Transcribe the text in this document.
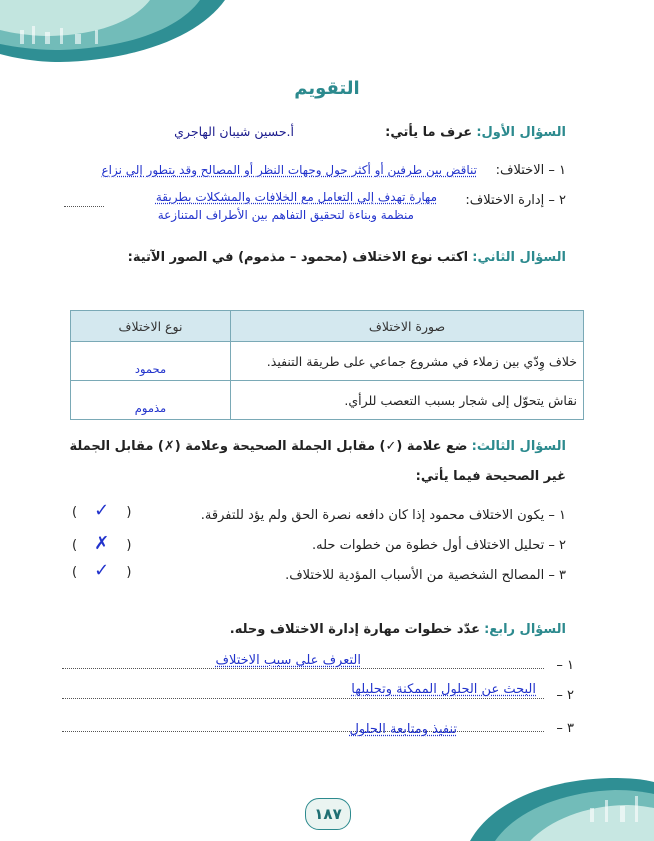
التقويم
السؤال الأول: عرف ما يأتي:
أ.حسين شيبان الهاجري
١ – الاختلاف:
تناقض بين طرفين أو أكثر حول وجهات النظر أو المصالح وقد يتطور إلى نزاع
٢ – إدارة الاختلاف:
مهارة تهدف إلى التعامل مع الخلافات والمشكلات بطريقة
منظمة وبناءة لتحقيق التفاهم بين الأطراف المتنازعة
السؤال الثاني: اكتب نوع الاختلاف (محمود – مذموم) في الصور الآتية:
صورة الاختلاف	نوع الاختلاف
خلاف وِدّي بين زملاء في مشروع جماعي على طريقة التنفيذ.	محمود
نقاش يتحوّل إلى شجار بسبب التعصب للرأي.	مذموم
السؤال الثالث: ضع علامة (✓) مقابل الجملة الصحيحة وعلامة (✗) مقابل الجملة
غير الصحيحة فيما يأتي:
١ – يكون الاختلاف محمود إذا كان دافعه نصرة الحق ولم يؤد للتفرقة.
( ✓ )
٢ – تحليل الاختلاف أول خطوة من خطوات حله.
( ✗ )
٣ – المصالح الشخصية من الأسباب المؤدية للاختلاف.
( ✓ )
السؤال رابع: عدّد خطوات مهارة إدارة الاختلاف وحله.
١ –
التعرف على سبب الاختلاف
٢ –
البحث عن الحلول الممكنة وتحليلها
٣ –
تنفيذ ومتابعة الحلول
١٨٧
